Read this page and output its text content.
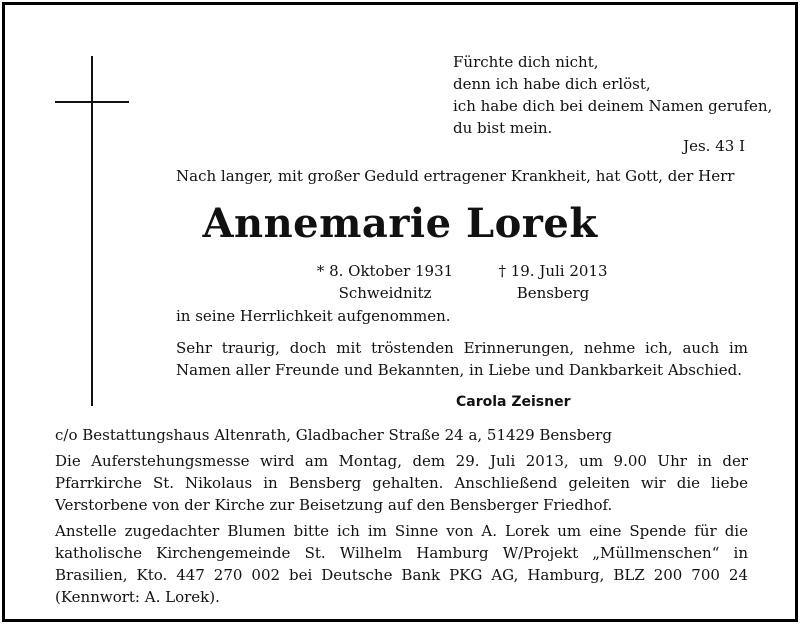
Fürchte dich nicht,
denn ich habe dich erlöst,
ich habe dich bei deinem Namen gerufen,
du bist mein.
Jes. 43 I
Nach langer, mit großer Geduld ertragener Krankheit, hat Gott, der Herr
Annemarie Lorek
* 8. Oktober 1931
Schweidnitz
† 19. Juli 2013
Bensberg
in seine Herrlichkeit aufgenommen.
Sehr traurig, doch mit tröstenden Erinnerungen, nehme ich, auch im Namen aller Freunde und Bekannten, in Liebe und Dankbarkeit Abschied.
Carola Zeisner
c/o Bestattungshaus Altenrath, Gladbacher Straße 24 a, 51429 Bensberg
Die Auferstehungsmesse wird am Montag, dem 29. Juli 2013, um 9.00 Uhr in der Pfarrkirche St. Nikolaus in Bensberg gehalten. Anschließend geleiten wir die liebe Verstorbene von der Kirche zur Beisetzung auf den Bensberger Friedhof.
Anstelle zugedachter Blumen bitte ich im Sinne von A. Lorek um eine Spende für die katholische Kirchengemeinde St. Wilhelm Hamburg W/Projekt „Müllmenschen“ in Brasilien, Kto. 447 270 002 bei Deutsche Bank PKG AG, Hamburg, BLZ 200 700 24 (Kennwort: A. Lorek).
